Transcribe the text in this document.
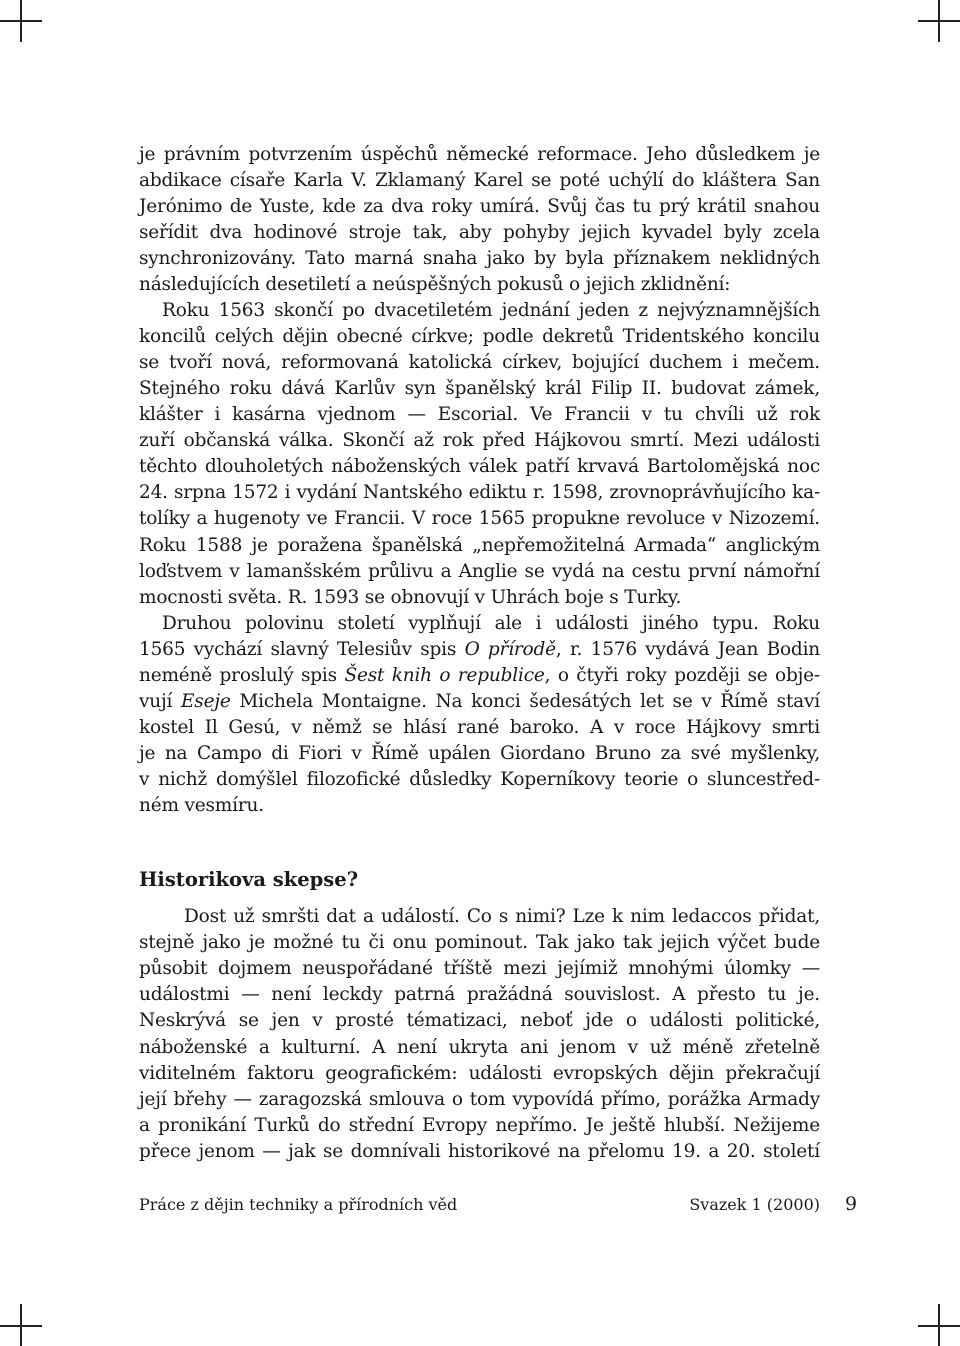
je právním potvrzením úspěchů německé reformace. Jeho důsledkem je
abdikace císaře Karla V. Zklamaný Karel se poté uchýlí do kláštera San
Jerónimo de Yuste, kde za dva roky umírá. Svůj čas tu prý krátil snahou
seřídit dva hodinové stroje tak, aby pohyby jejich kyvadel byly zcela
synchronizovány. Tato marná snaha jako by byla příznakem neklidných
následujících desetiletí a neúspěšných pokusů o jejich zklidnění:
Roku 1563 skončí po dvacetiletém jednání jeden z nejvýznamnějších
koncilů celých dějin obecné církve; podle dekretů Tridentského koncilu
se tvoří nová, reformovaná katolická církev, bojující duchem i mečem.
Stejného roku dává Karlův syn španělský král Filip II. budovat zámek,
klášter i kasárna vjednom — Escorial. Ve Francii v tu chvíli už rok
zuří občanská válka. Skončí až rok před Hájkovou smrtí. Mezi události
těchto dlouholetých náboženských válek patří krvavá Bartolomějská noc
24. srpna 1572 i vydání Nantského ediktu r. 1598, zrovnoprávňujícího ka-
tolíky a hugenoty ve Francii. V roce 1565 propukne revoluce v Nizozemí.
Roku 1588 je poražena španělská „nepřemožitelná Armada“ anglickým
loďstvem v lamanšském průlivu a Anglie se vydá na cestu první námořní
mocnosti světa. R. 1593 se obnovují v Uhrách boje s Turky.
Druhou polovinu století vyplňují ale i události jiného typu. Roku
1565 vychází slavný Telesiův spis O přírodě, r. 1576 vydává Jean Bodin
neméně proslulý spis Šest knih o republice, o čtyři roky později se obje-
vují Eseje Michela Montaigne. Na konci šedesátých let se v Římě staví
kostel Il Gesú, v němž se hlásí rané baroko. A v roce Hájkovy smrti
je na Campo di Fiori v Římě upálen Giordano Bruno za své myšlenky,
v nichž domýšlel filozofické důsledky Koperníkovy teorie o sluncestřed-
ném vesmíru.
Historikova skepse?
Dost už smršti dat a událostí. Co s nimi? Lze k nim ledaccos přidat,
stejně jako je možné tu či onu pominout. Tak jako tak jejich výčet bude
působit dojmem neuspořádané tříště mezi jejímiž mnohými úlomky —
událostmi — není leckdy patrná pražádná souvislost. A přesto tu je.
Neskrývá se jen v prosté tématizaci, neboť jde o události politické,
náboženské a kulturní. A není ukryta ani jenom v už méně zřetelně
viditelném faktoru geografickém: události evropských dějin překračují
její břehy — zaragozská smlouva o tom vypovídá přímo, porážka Armady
a pronikání Turků do střední Evropy nepřímo. Je ještě hlubší. Nežijeme
přece jenom — jak se domnívali historikové na přelomu 19. a 20. století
Práce z dějin techniky a přírodních věd	Svazek 1 (2000) 9
